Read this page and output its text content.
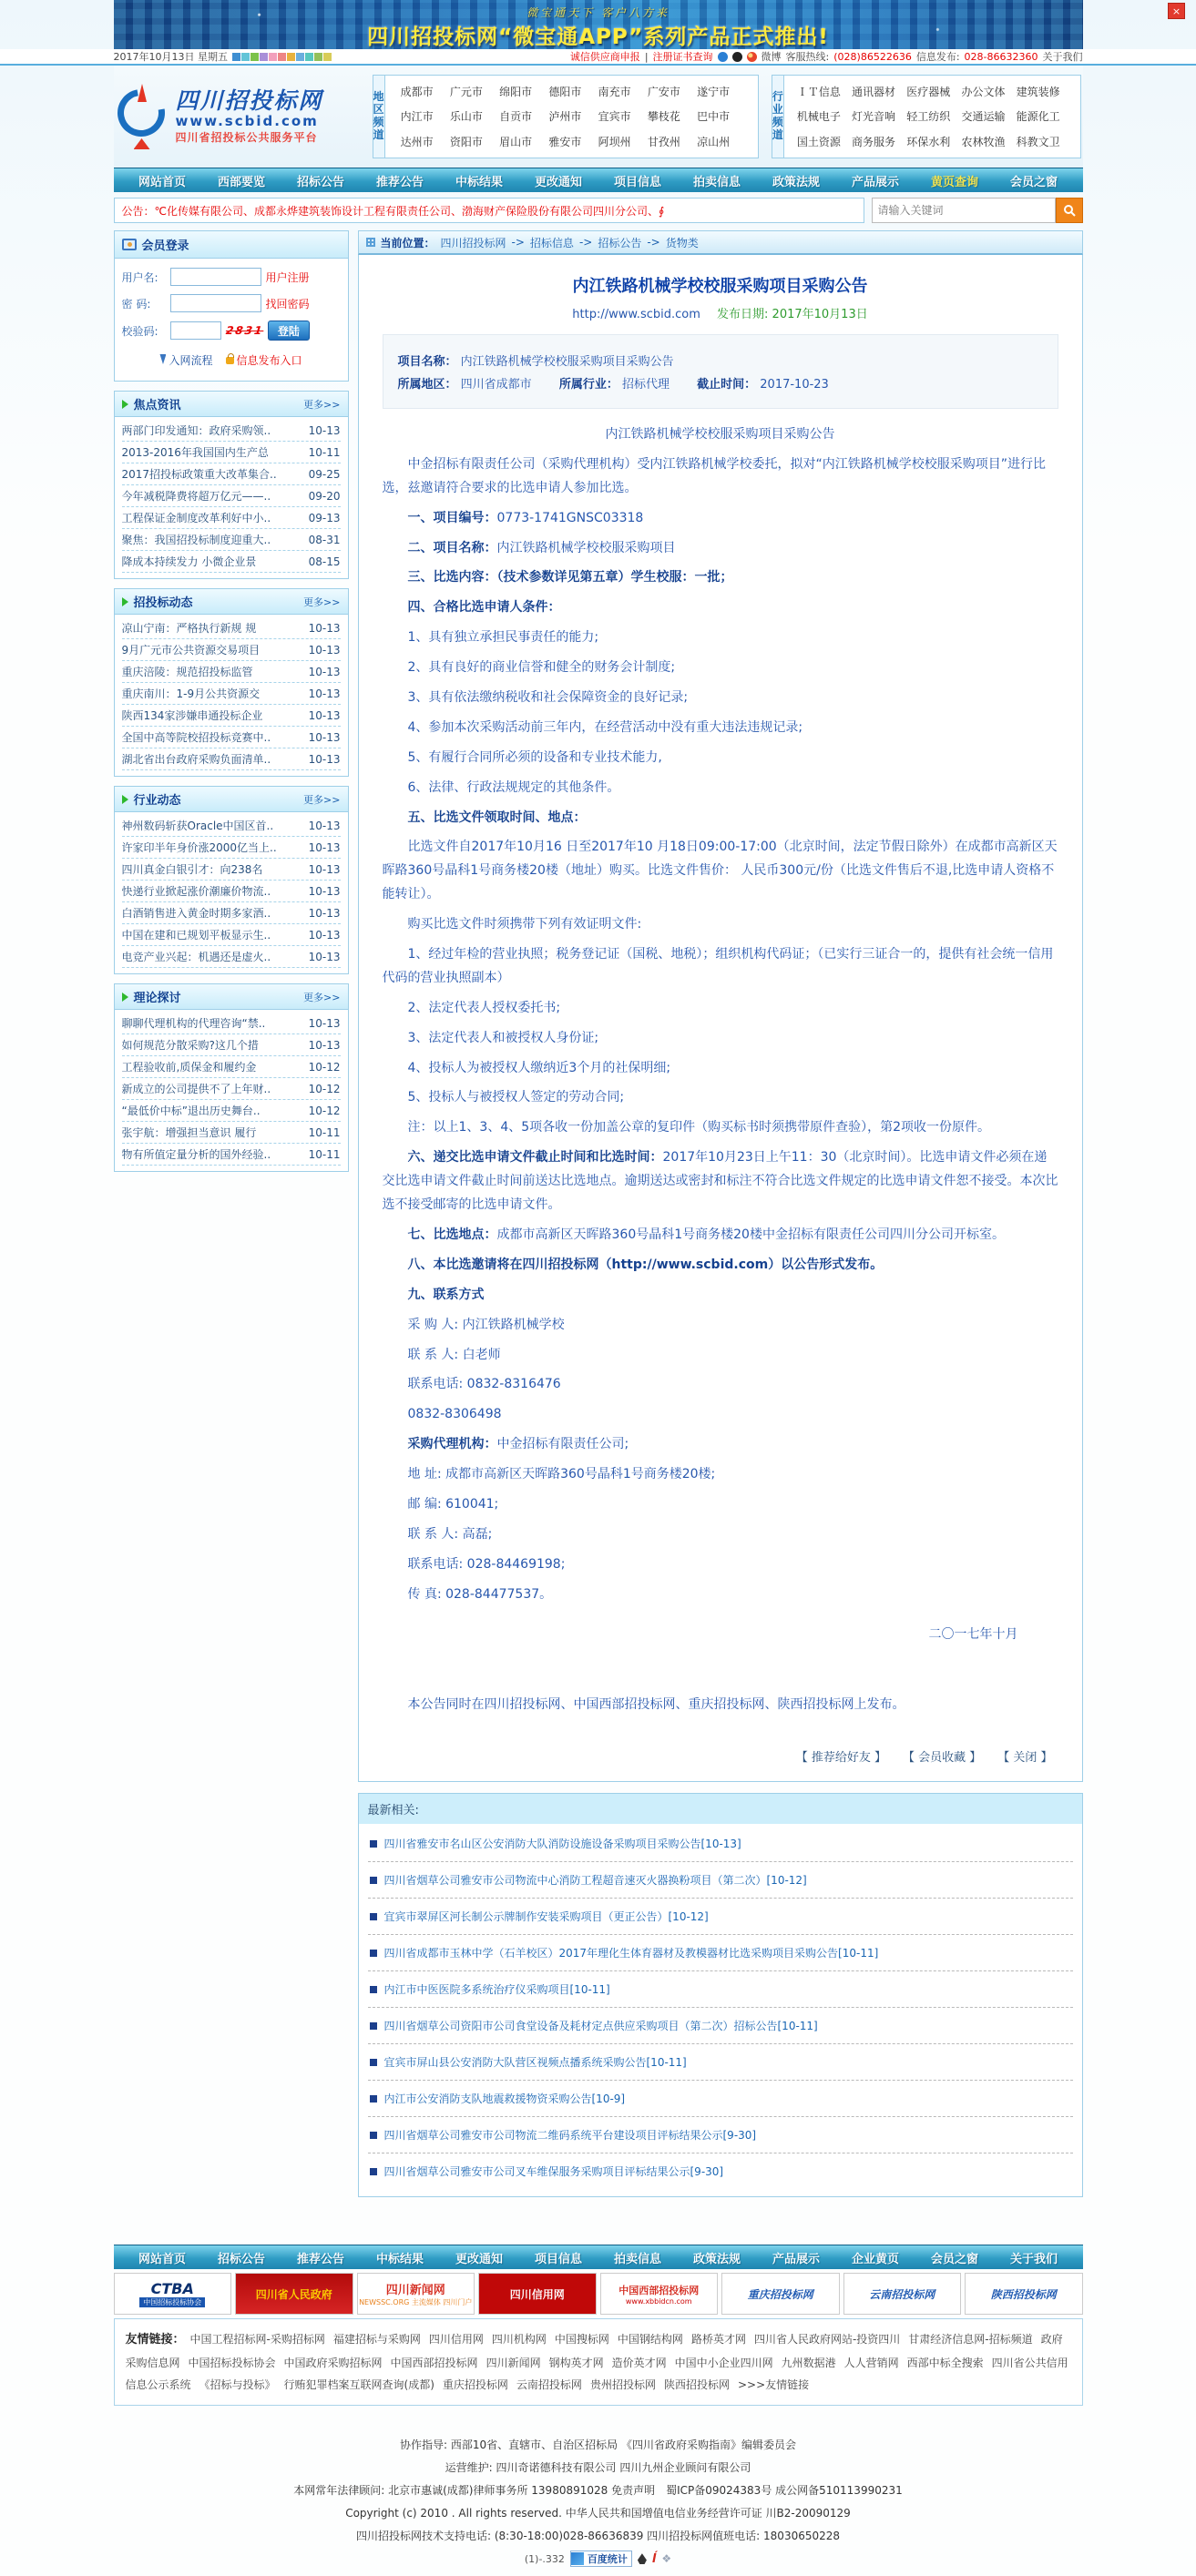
×
微宝通天下 客户八方来
四川招投标网“微宝通APP”系列产品正式推出!
2017年10月13日 星期五	诚信供应商申报 | 注册证书查询	微博 客服热线: (028)86522636 信息发布: 028-86632360 关于我们
四川招投标网
www.scbid.com
四川省招投标公共服务平台
地
区
频
道
成都市	广元市	绵阳市	德阳市	南充市	广安市	遂宁市
内江市	乐山市	自贡市	泸州市	宜宾市	攀枝花	巴中市
达州市	资阳市	眉山市	雅安市	阿坝州	甘孜州	凉山州
行
业
频
道
ＩＴ信息	通讯器材	医疗器械	办公文体	建筑装修
机械电子	灯光音响	轻工纺织	交通运输	能源化工
国土资源	商务服务	环保水利	农林牧渔	科教文卫
网站首页	西部要览	招标公告	推荐公告	中标结果	更改通知	项目信息	拍卖信息	政策法规	产品展示	黄页查询	会员之窗
公告：℃化传媒有限公司、成都永烨建筑装饰设计工程有限责任公司、渤海财产保险股份有限公司四川分公司、∮
请输入关键词
会员登录
用户名:	用户注册
密 码:	找回密码
校验码:	2831	登陆
入网流程	信息发布入口
焦点资讯	更多>>
两部门印发通知：政府采购领..	10-13
2013-2016年我国国内生产总	10-11
2017招投标政策重大改革集合..	09-25
今年减税降费将超万亿元——..	09-20
工程保证金制度改革利好中小..	09-13
聚焦：我国招投标制度迎重大..	08-31
降成本持续发力 小微企业景	08-15
招投标动态	更多>>
凉山宁南：严格执行新规 规	10-13
9月广元市公共资源交易项目	10-13
重庆涪陵：规范招投标监管	10-13
重庆南川：1-9月公共资源交	10-13
陕西134家涉嫌串通投标企业	10-13
全国中高等院校招投标竞赛中..	10-13
湖北省出台政府采购负面清单..	10-13
行业动态	更多>>
神州数码斩获Oracle中国区首..	10-13
许家印半年身价涨2000亿当上..	10-13
四川真金白银引才：向238名	10-13
快递行业掀起涨价潮廉价物流..	10-13
白酒销售进入黄金时期多家酒..	10-13
中国在建和已规划平板显示生..	10-13
电竞产业兴起：机遇还是虚火..	10-13
理论探讨	更多>>
聊聊代理机构的代理咨询“禁..	10-13
如何规范分散采购?这几个措	10-13
工程验收前,质保金和履约金	10-12
新成立的公司提供不了上年财..	10-12
“最低价中标”退出历史舞台..	10-12
张宇航：增强担当意识 履行	10-11
物有所值定量分析的国外经验..	10-11
当前位置： 四川招投标网 -> 招标信息 -> 招标公告 -> 货物类
内江铁路机械学校校服采购项目采购公告
http://www.scbid.com 发布日期: 2017年10月13日
项目名称： 内江铁路机械学校校服采购项目采购公告
所属地区： 四川省成都市 所属行业： 招标代理 截止时间： 2017-10-23

内江铁路机械学校校服采购项目采购公告

中金招标有限责任公司（采购代理机构）受内江铁路机械学校委托，拟对“内江铁路机械学校校服采购项目”进行比选，兹邀请符合要求的比选申请人参加比选。

一、项目编号：0773-1741GNSC03318

二、项目名称：内江铁路机械学校校服采购项目

三、比选内容：（技术参数详见第五章）学生校服：一批；

四、合格比选申请人条件：

1、具有独立承担民事责任的能力;

2、具有良好的商业信誉和健全的财务会计制度;

3、具有依法缴纳税收和社会保障资金的良好记录;

4、参加本次采购活动前三年内，在经营活动中没有重大违法违规记录;

5、有履行合同所必须的设备和专业技术能力,

6、法律、行政法规规定的其他条件。

五、比选文件领取时间、地点：

比选文件自2017年10月16 日至2017年10 月18日09:00-17:00（北京时间，法定节假日除外）在成都市高新区天晖路360号晶科1号商务楼20楼（地址）购买。比选文件售价： 人民币300元/份（比选文件售后不退,比选申请人资格不能转让）。

购买比选文件时须携带下列有效证明文件:

1、经过年检的营业执照；税务登记证（国税、地税）；组织机构代码证；（已实行三证合一的，提供有社会统一信用代码的营业执照副本）

2、法定代表人授权委托书;

3、法定代表人和被授权人身份证;

4、投标人为被授权人缴纳近3个月的社保明细;

5、投标人与被授权人签定的劳动合同;

注：以上1、3、4、5项各收一份加盖公章的复印件（购买标书时须携带原件查验），第2项收一份原件。

六、递交比选申请文件截止时间和比选时间：2017年10月23日上午11：30（北京时间）。比选申请文件必须在递交比选申请文件截止时间前送达比选地点。逾期送达或密封和标注不符合比选文件规定的比选申请文件恕不接受。本次比选不接受邮寄的比选申请文件。

七、比选地点：成都市高新区天晖路360号晶科1号商务楼20楼中金招标有限责任公司四川分公司开标室。

八、本比选邀请将在四川招投标网（http://www.scbid.com）以公告形式发布。

九、联系方式

采 购 人: 内江铁路机械学校

联 系 人: 白老师

联系电话: 0832-8316476

0832-8306498

采购代理机构：中金招标有限责任公司;

地 址: 成都市高新区天晖路360号晶科1号商务楼20楼;

邮 编: 610041;

联 系 人: 高磊;

联系电话: 028-84469198;

传 真: 028-84477537。

二〇一七年十月

本公告同时在四川招投标网、中国西部招投标网、重庆招投标网、陕西招投标网上发布。

【 推荐给好友 】 【 会员收藏 】 【 关闭 】
最新相关:
四川省雅安市名山区公安消防大队消防设施设备采购项目采购公告[10-13]
四川省烟草公司雅安市公司物流中心消防工程超音速灭火器换粉项目（第二次）[10-12]
宜宾市翠屏区河长制公示牌制作安装采购项目（更正公告）[10-12]
四川省成都市玉林中学（石羊校区）2017年理化生体育器材及教模器材比选采购项目采购公告[10-11]
内江市中医医院多系统治疗仪采购项目[10-11]
四川省烟草公司资阳市公司食堂设备及耗材定点供应采购项目（第二次）招标公告[10-11]
宜宾市屏山县公安消防大队营区视频点播系统采购公告[10-11]
内江市公安消防支队地震救援物资采购公告[10-9]
四川省烟草公司雅安市公司物流二维码系统平台建设项目评标结果公示[9-30]
四川省烟草公司雅安市公司叉车维保服务采购项目评标结果公示[9-30]
网站首页	招标公告	推荐公告	中标结果	更改通知	项目信息	拍卖信息	政策法规	产品展示	企业黄页	会员之窗	关于我们
CTBA
中国招标投标协会
四川省人民政府	四川新闻网
NEWSSC.ORG 主流媒体 四川门户
四川信用网	中国西部招投标网
www.xbbidcn.com
重庆招投标网	云南招投标网	陕西招投标网
友情链接： 中国工程招标网-采购招标网 福建招标与采购网 四川信用网 四川机构网 中国搜标网 中国钢结构网 路桥英才网 四川省人民政府网站-投资四川 甘肃经济信息网-招标频道 政府采购信息网 中国招标投标协会 中国政府采购招标网 中国西部招投标网 四川新闻网 钢构英才网 造价英才网 中国中小企业四川网 九州数据港 人人营销网 西部中标全搜索 四川省公共信用信息公示系统 《招标与投标》 行贿犯罪档案互联网查询(成都) 重庆招投标网 云南招投标网 贵州招投标网 陕西招投标网 >>>友情链接

协作指导: 西部10省、直辖市、自治区招标局 《四川省政府采购指南》编辑委员会

运营维护: 四川奇诺德科技有限公司 四川九州企业顾问有限公司

本网常年法律顾问: 北京市惠诚(成都)律师事务所 13980891028 免责声明　蜀ICP备09024383号 成公网备510113990231

Copyright (c) 2010 . All rights reserved. 中华人民共和国增值电信业务经营许可证 川B2-20090129

四川招投标网技术支持电话: (8:30-18:00)028-86636839 四川招投标网值班电话: 18030650228

(1)-.332	百度统计	ĺ ❖
